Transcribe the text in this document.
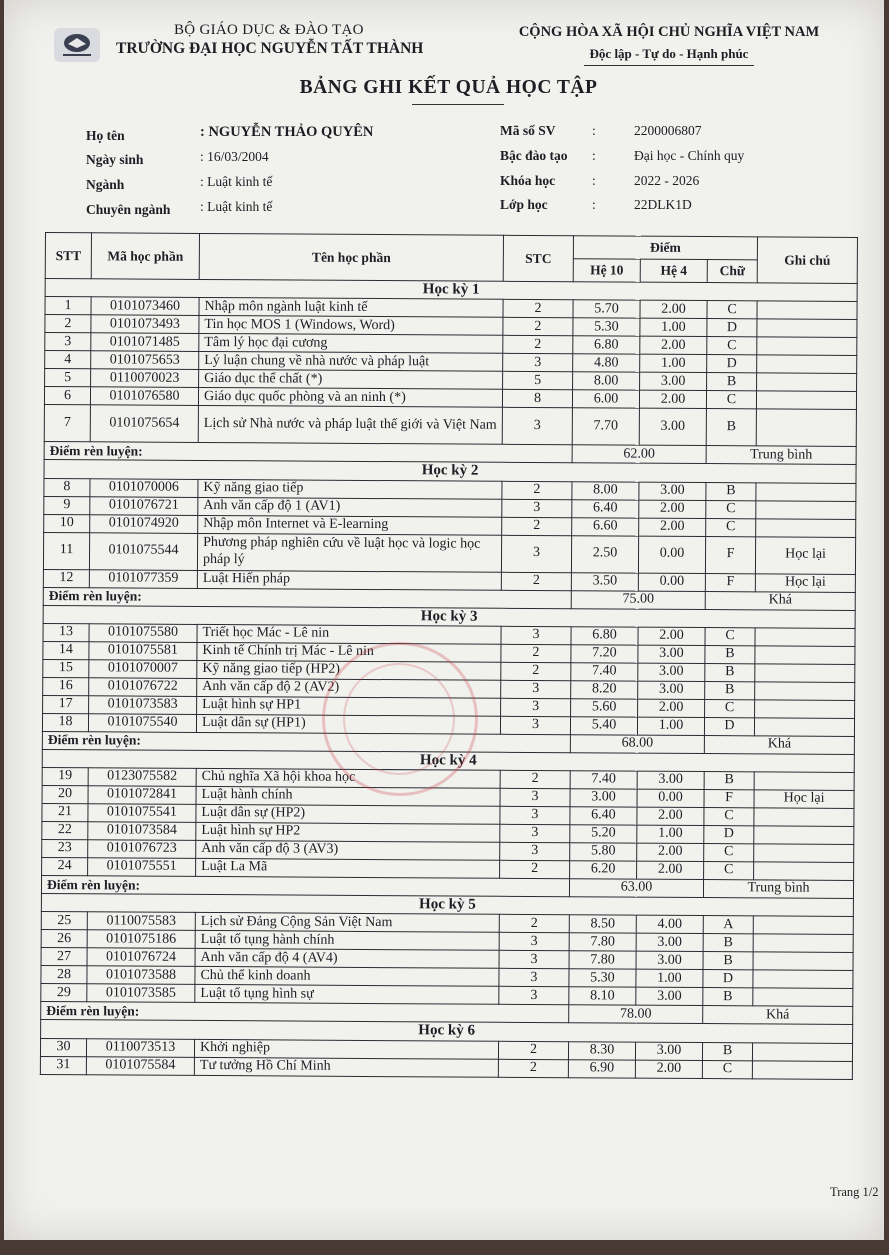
BỘ GIÁO DỤC & ĐÀO TẠO
TRƯỜNG ĐẠI HỌC NGUYỄN TẤT THÀNH
CỘNG HÒA XÃ HỘI CHỦ NGHĨA VIỆT NAM
Độc lập - Tự do - Hạnh phúc
BẢNG GHI KẾT QUẢ HỌC TẬP
Họ tên	: NGUYỄN THẢO QUYÊN
Ngày sinh	: 16/03/2004
Ngành	: Luật kinh tế
Chuyên ngành : Luật kinh tế
Mã số SV	:	2200006807
Bậc đào tạo :	Đại học - Chính quy
Khóa học	:	2022 - 2026
Lớp học	:	22DLK1D
STT	Mã học phần	Tên học phần	STC	Điểm			Ghi chú
				Hệ 10	Hệ 4	Chữ	
Học kỳ 1							
1	0101073460	Nhập môn ngành luật kinh tế	2	5.70	2.00	C	
2	0101073493	Tin học MOS 1 (Windows, Word)	2	5.30	1.00	D	
3	0101071485	Tâm lý học đại cương	2	6.80	2.00	C	
4	0101075653	Lý luận chung về nhà nước và pháp luật	3	4.80	1.00	D	
5	0110070023	Giáo dục thể chất (*)	5	8.00	3.00	B	
6	0101076580	Giáo dục quốc phòng và an ninh (*)	8	6.00	2.00	C	
7	0101075654	Lịch sử Nhà nước và pháp luật thế giới và Việt Nam	3	7.70	3.00	B	
Điểm rèn luyện:				62.00		Trung bình	
Học kỳ 2							
8	0101070006	Kỹ năng giao tiếp	2	8.00	3.00	B	
9	0101076721	Anh văn cấp độ 1 (AV1)	3	6.40	2.00	C	
10	0101074920	Nhập môn Internet và E-learning	2	6.60	2.00	C	
11	0101075544	Phương pháp nghiên cứu về luật học và logic học pháp lý	3	2.50	0.00	F	Học lại
12	0101077359	Luật Hiến pháp	2	3.50	0.00	F	Học lại
Điểm rèn luyện:				75.00		Khá	
Học kỳ 3							
13	0101075580	Triết học Mác - Lê nin	3	6.80	2.00	C	
14	0101075581	Kinh tế Chính trị Mác - Lê nin	2	7.20	3.00	B	
15	0101070007	Kỹ năng giao tiếp (HP2)	2	7.40	3.00	B	
16	0101076722	Anh văn cấp độ 2 (AV2)	3	8.20	3.00	B	
17	0101073583	Luật hình sự HP1	3	5.60	2.00	C	
18	0101075540	Luật dân sự (HP1)	3	5.40	1.00	D	
Điểm rèn luyện:				68.00		Khá	
Học kỳ 4							
19	0123075582	Chủ nghĩa Xã hội khoa học	2	7.40	3.00	B	
20	0101072841	Luật hành chính	3	3.00	0.00	F	Học lại
21	0101075541	Luật dân sự (HP2)	3	6.40	2.00	C	
22	0101073584	Luật hình sự HP2	3	5.20	1.00	D	
23	0101076723	Anh văn cấp độ 3 (AV3)	3	5.80	2.00	C	
24	0101075551	Luật La Mã	2	6.20	2.00	C	
Điểm rèn luyện:				63.00		Trung bình	
Học kỳ 5							
25	0110075583	Lịch sử Đảng Cộng Sản Việt Nam	2	8.50	4.00	A	
26	0101075186	Luật tố tụng hành chính	3	7.80	3.00	B	
27	0101076724	Anh văn cấp độ 4 (AV4)	3	7.80	3.00	B	
28	0101073588	Chủ thể kinh doanh	3	5.30	1.00	D	
29	0101073585	Luật tố tụng hình sự	3	8.10	3.00	B	
Điểm rèn luyện:				78.00		Khá	
Học kỳ 6							
30	0110073513	Khởi nghiệp	2	8.30	3.00	B	
31	0101075584	Tư tưởng Hồ Chí Minh	2	6.90	2.00	C	
Trang 1/2
